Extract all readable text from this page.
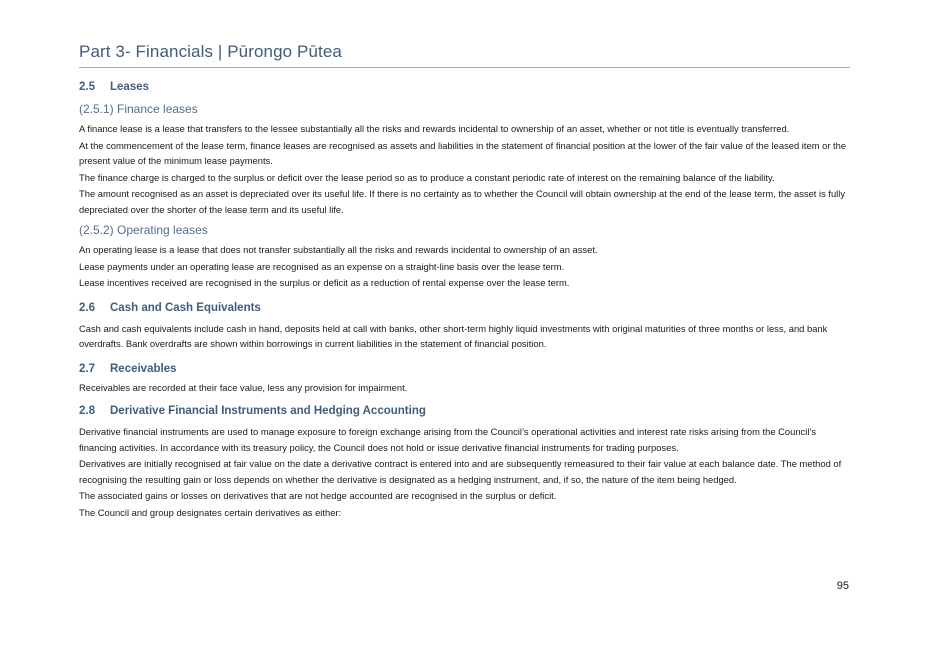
Part 3- Financials | Pūrongo Pūtea
2.5 Leases
(2.5.1) Finance leases

A finance lease is a lease that transfers to the lessee substantially all the risks and rewards incidental to ownership of an asset, whether or not title is eventually transferred.

At the commencement of the lease term, finance leases are recognised as assets and liabilities in the statement of financial position at the lower of the fair value of the leased item or the present value of the minimum lease payments.

The finance charge is charged to the surplus or deficit over the lease period so as to produce a constant periodic rate of interest on the remaining balance of the liability.

The amount recognised as an asset is depreciated over its useful life. If there is no certainty as to whether the Council will obtain ownership at the end of the lease term, the asset is fully depreciated over the shorter of the lease term and its useful life.

(2.5.2) Operating leases

An operating lease is a lease that does not transfer substantially all the risks and rewards incidental to ownership of an asset.

Lease payments under an operating lease are recognised as an expense on a straight-line basis over the lease term.

Lease incentives received are recognised in the surplus or deficit as a reduction of rental expense over the lease term.

2.6 Cash and Cash Equivalents

Cash and cash equivalents include cash in hand, deposits held at call with banks, other short-term highly liquid investments with original maturities of three months or less, and bank overdrafts. Bank overdrafts are shown within borrowings in current liabilities in the statement of financial position.

2.7 Receivables

Receivables are recorded at their face value, less any provision for impairment.

2.8 Derivative Financial Instruments and Hedging Accounting

Derivative financial instruments are used to manage exposure to foreign exchange arising from the Council’s operational activities and interest rate risks arising from the Council’s financing activities. In accordance with its treasury policy, the Council does not hold or issue derivative financial instruments for trading purposes.

Derivatives are initially recognised at fair value on the date a derivative contract is entered into and are subsequently remeasured to their fair value at each balance date. The method of recognising the resulting gain or loss depends on whether the derivative is designated as a hedging instrument, and, if so, the nature of the item being hedged.

The associated gains or losses on derivatives that are not hedge accounted are recognised in the surplus or deficit.

The Council and group designates certain derivatives as either:

95
